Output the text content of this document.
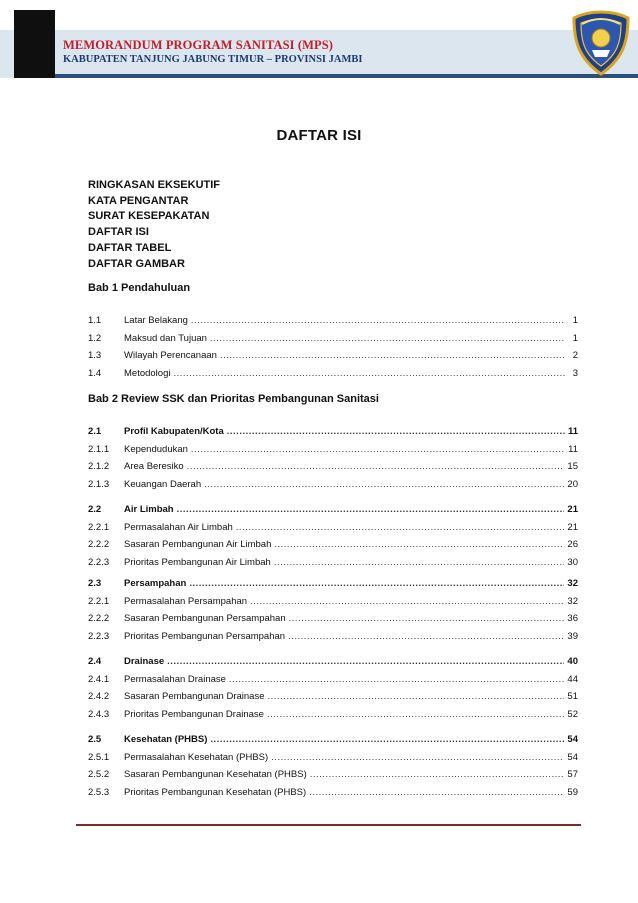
MEMORANDUM PROGRAM SANITASI (MPS)
KABUPATEN TANJUNG JABUNG TIMUR – PROVINSI JAMBI
DAFTAR ISI
RINGKASAN EKSEKUTIF
KATA PENGANTAR
SURAT KESEPAKATAN
DAFTAR ISI
DAFTAR TABEL
DAFTAR GAMBAR
Bab 1 Pendahuluan
1.1	Latar Belakang .....	1
1.2	Maksud dan Tujuan .....	1
1.3	Wilayah Perencanaan .....	2
1.4	Metodologi .....	3
Bab 2 Review SSK dan Prioritas Pembangunan Sanitasi
2.1	Profil Kabupaten/Kota .....	11
2.1.1	Kependudukan .....	11
2.1.2	Area Beresiko .....	15
2.1.3	Keuangan Daerah .....	20
2.2	Air Limbah .....	21
2.2.1	Permasalahan Air Limbah .....	21
2.2.2	Sasaran Pembangunan Air Limbah .....	26
2.2.3	Prioritas Pembangunan Air Limbah .....	30
2.3	Persampahan .....	32
2.2.1	Permasalahan Persampahan .....	32
2.2.2	Sasaran Pembangunan Persampahan .....	36
2.2.3	Prioritas Pembangunan Persampahan .....	39
2.4	Drainase .....	40
2.4.1	Permasalahan Drainase .....	44
2.4.2	Sasaran Pembangunan Drainase .....	51
2.4.3	Prioritas Pembangunan Drainase .....	52
2.5	Kesehatan (PHBS) .....	54
2.5.1	Permasalahan Kesehatan (PHBS) .....	54
2.5.2	Sasaran Pembangunan Kesehatan (PHBS) .....	57
2.5.3	Prioritas Pembangunan Kesehatan (PHBS) .....	59
